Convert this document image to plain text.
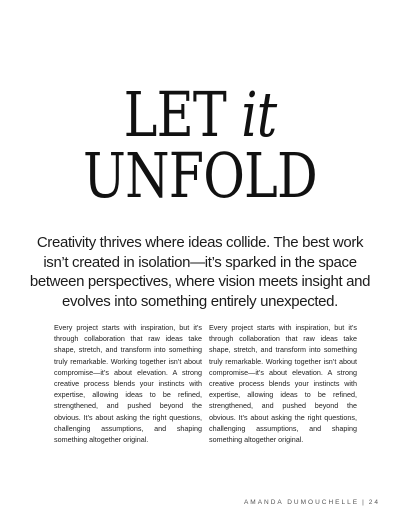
LET it
UNFOLD
Creativity thrives where ideas collide. The best work isn’t created in isolation—it’s sparked in the space between perspectives, where vision meets insight and evolves into something entirely unexpected.
Every project starts with inspiration, but it’s through collaboration that raw ideas take shape, stretch, and transform into something truly remarkable. Working together isn’t about compromise—it’s about elevation. A strong creative process blends your instincts with expertise, allowing ideas to be refined, strengthened, and pushed beyond the obvious. It’s about asking the right questions, challenging assumptions, and shaping something altogether original.
Every project starts with inspiration, but it’s through collaboration that raw ideas take shape, stretch, and transform into something truly remarkable. Working together isn’t about compromise—it’s about elevation. A strong creative process blends your instincts with expertise, allowing ideas to be refined, strengthened, and pushed beyond the obvious. It’s about asking the right questions, challenging assumptions, and shaping something altogether original.
AMANDA DUMOUCHELLE | 24
